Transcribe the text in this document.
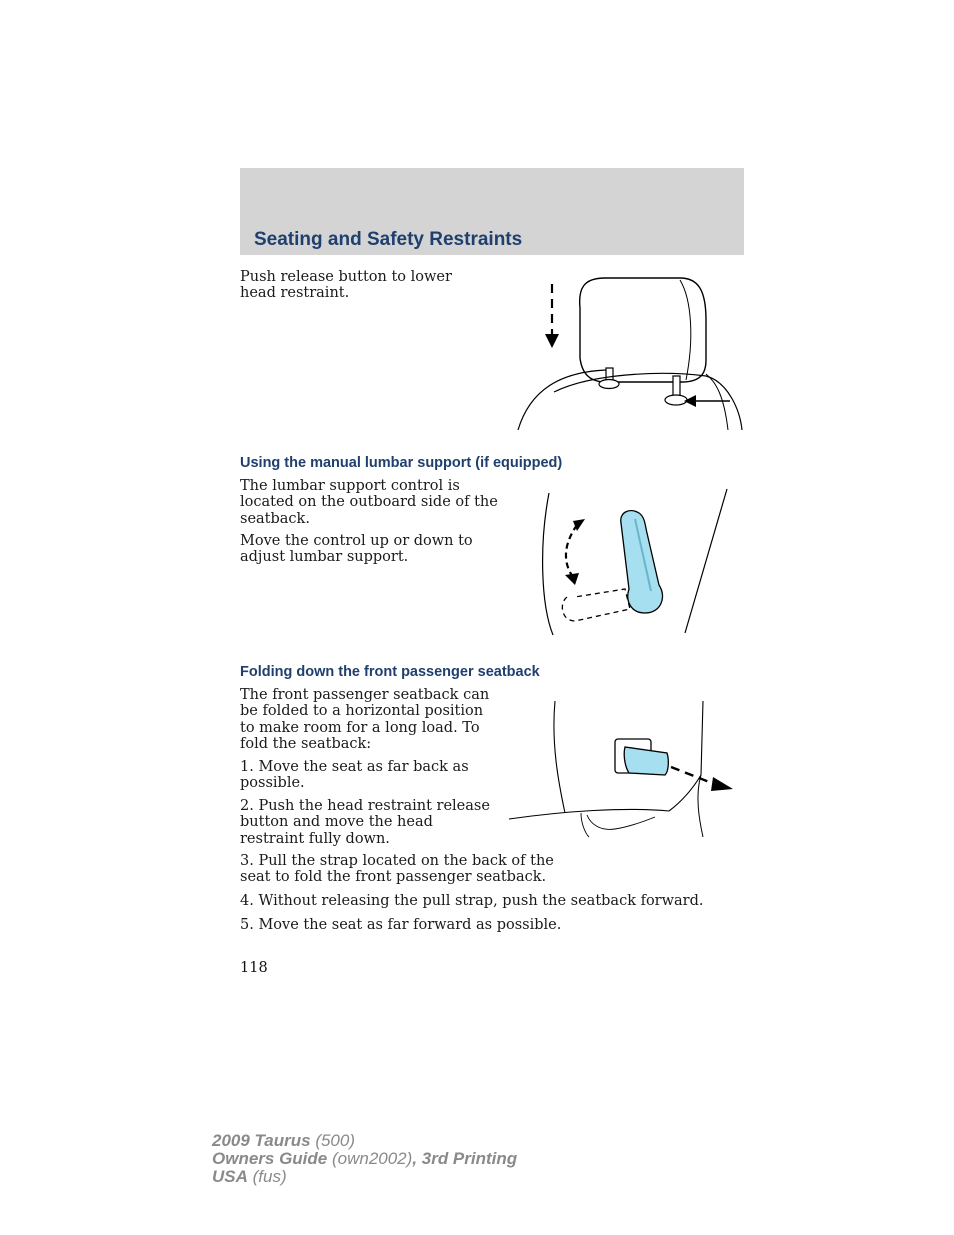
Seating and Safety Restraints

Push release button to lower head restraint.

Using the manual lumbar support (if equipped)

The lumbar support control is located on the outboard side of the seatback.

Move the control up or down to adjust lumbar support.

Folding down the front passenger seatback

The front passenger seatback can be folded to a horizontal position to make room for a long load. To fold the seatback:

1. Move the seat as far back as possible.

2. Push the head restraint release button and move the head restraint fully down.

3. Pull the strap located on the back of the seat to fold the front passenger seatback.

4. Without releasing the pull strap, push the seatback forward.

5. Move the seat as far forward as possible.

118

2009 Taurus (500)
Owners Guide (own2002), 3rd Printing
USA (fus)
